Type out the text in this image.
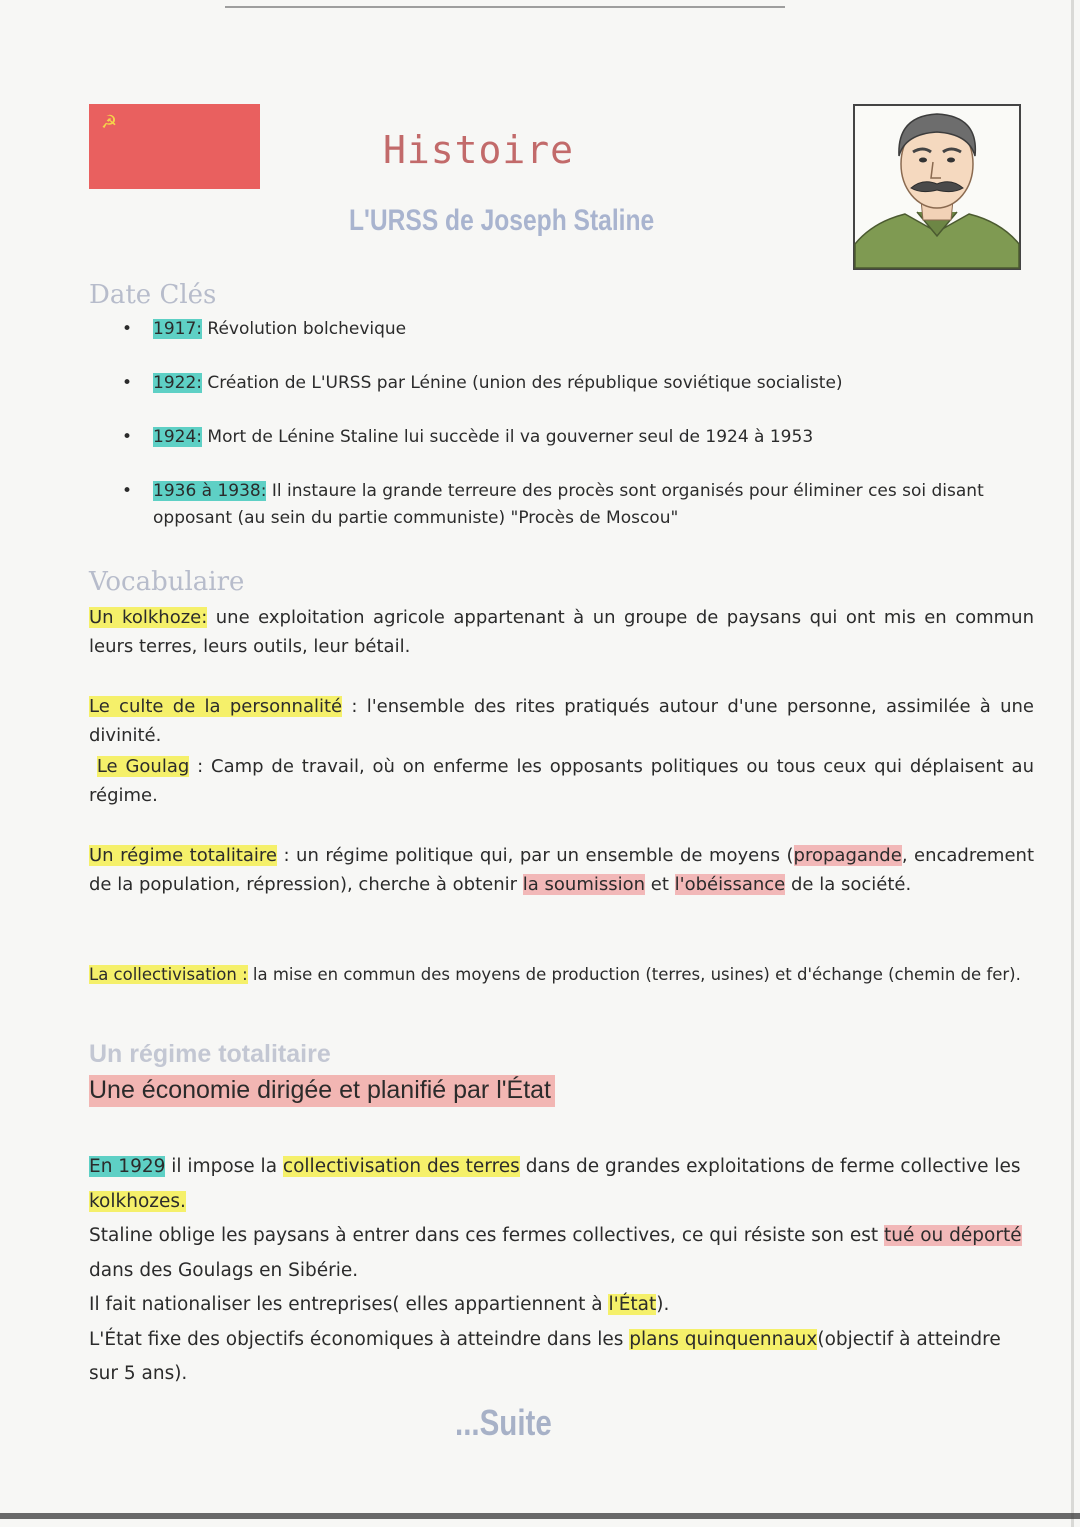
☭
Histoire
L'URSS de Joseph Staline
Date Clés
• 1917: Révolution bolchevique
• 1922: Création de L'URSS par Lénine (union des république soviétique socialiste)
• 1924: Mort de Lénine Staline lui succède il va gouverner seul de 1924 à 1953
• 1936 à 1938: Il instaure la grande terreure des procès sont organisés pour éliminer ces soi disant opposant (au sein du partie communiste) "Procès de Moscou"
Vocabulaire
Un kolkhoze: une exploitation agricole appartenant à un groupe de paysans qui ont mis en commun leurs terres, leurs outils, leur bétail.
Le culte de la personnalité : l'ensemble des rites pratiqués autour d'une personne, assimilée à une divinité.
Le Goulag : Camp de travail, où on enferme les opposants politiques ou tous ceux qui déplaisent au régime.
Un régime totalitaire : un régime politique qui, par un ensemble de moyens (propagande, encadrement de la population, répression), cherche à obtenir la soumission et l'obéissance de la société.
La collectivisation : la mise en commun des moyens de production (terres, usines) et d'échange (chemin de fer).
Un régime totalitaire
Une économie dirigée et planifié par l'État
En 1929 il impose la collectivisation des terres dans de grandes exploitations de ferme collective les kolkhozes.
Staline oblige les paysans à entrer dans ces fermes collectives, ce qui résiste son est tué ou déporté dans des Goulags en Sibérie.
Il fait nationaliser les entreprises( elles appartiennent à l'État).
L'État fixe des objectifs économiques à atteindre dans les plans quinquennaux(objectif à atteindre sur 5 ans).
...Suite
